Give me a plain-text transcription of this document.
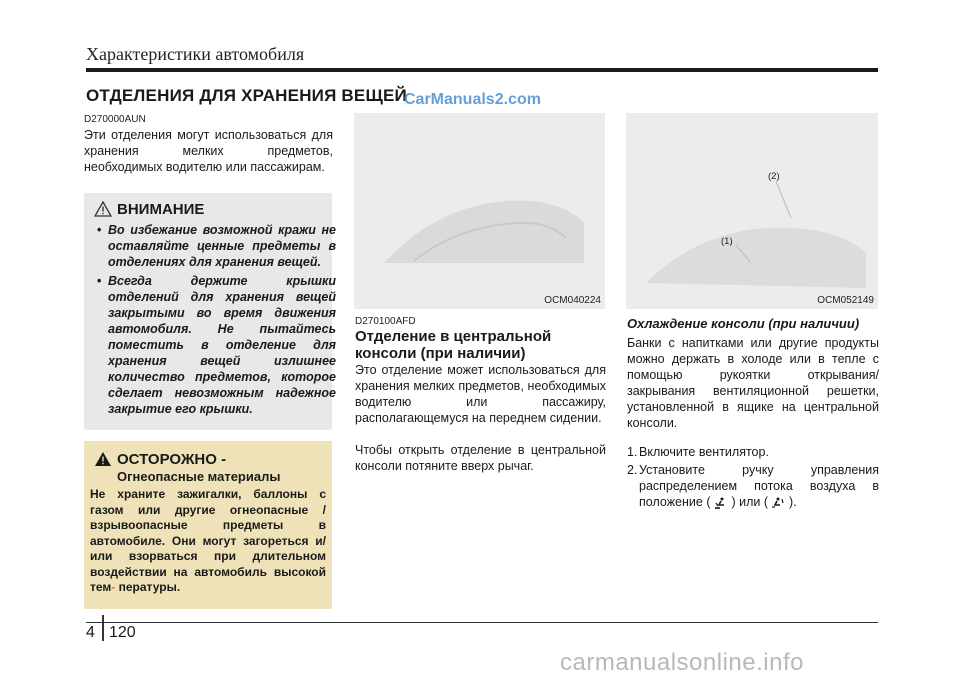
Характеристики автомобиля
ОТДЕЛЕНИЯ ДЛЯ ХРАНЕНИЯ ВЕЩЕЙ
CarManuals2.com
D270000AUN
Эти отделения могут использоваться для хранения мелких предметов, необходимых водителю или пассажирам.
ВНИМАНИЕ
• Во избежание возможной кражи не оставляйте ценные предметы в отделениях для хранения вещей.
• Всегда держите крышки отделений для хранения вещей закрытыми во время движения автомобиля. Не пытайтесь поместить в отделение для хранения вещей излишнее количество предметов, которое сделает невозможным надежное закрытие его крышки.
ОСТОРОЖНО -
Огнеопасные материалы
Не храните зажигалки, баллоны с газом или другие огнеопасные / взрывоопасные предметы в автомобиле. Они могут загореться и/или взорваться при длительном воздействии на автомобиль высокой тем- пературы.
OCM040224
D270100AFD
Отделение в центральной консоли (при наличии)
Это отделение может использоваться для хранения мелких предметов, необходимых водителю или пассажиру, располагающемуся на переднем сидении.
Чтобы открыть отделение в центральной консоли потяните вверх рычаг.
(1)
(2)
OCM052149
Охлаждение консоли (при наличии)
Банки с напитками или другие продукты можно держать в холоде или в тепле с помощью рукоятки открывания/ закрывания вентиляционной решетки, установленной в ящике на центральной консоли.
1. Включите вентилятор.
2. Установите ручку управления распределением потока воздуха в положение ( ) или ( ).
4 120
carmanualsonline.info
